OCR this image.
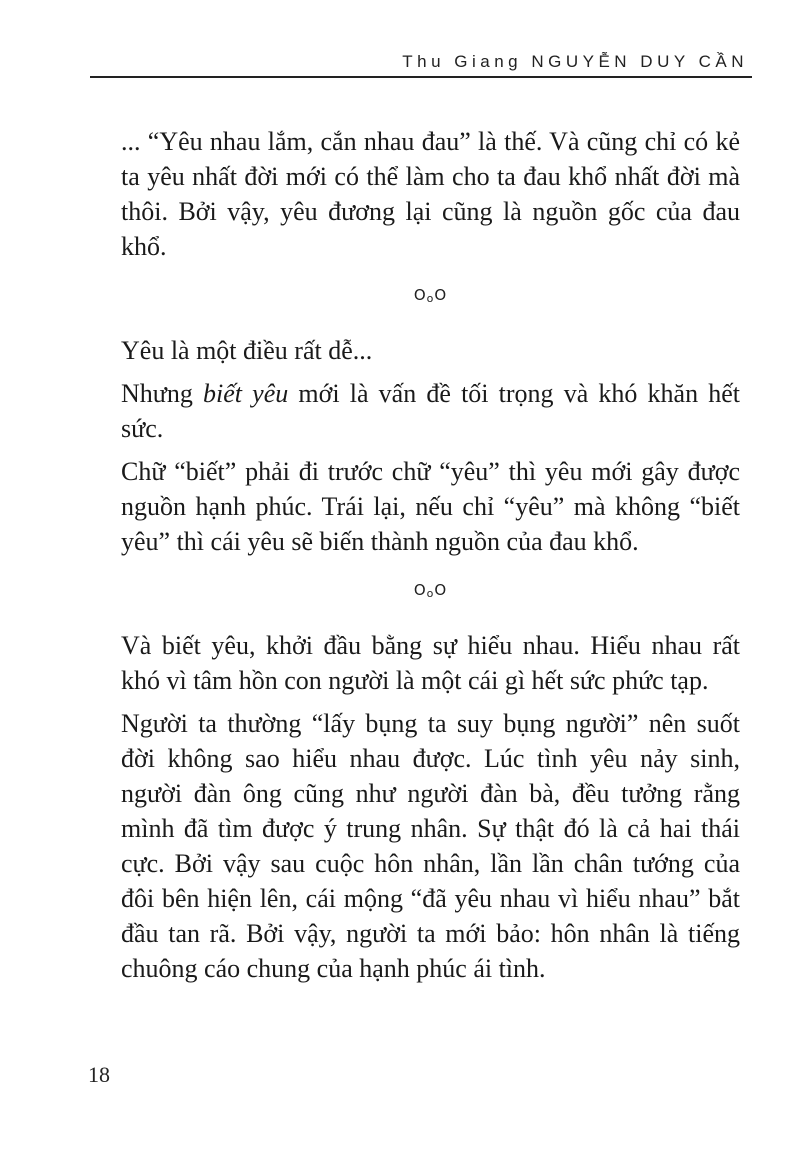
Thu Giang NGUYỄN DUY CẦN

... “Yêu nhau lắm, cắn nhau đau” là thế. Và cũng chỉ có kẻ ta yêu nhất đời mới có thể làm cho ta đau khổ nhất đời mà thôi. Bởi vậy, yêu đương lại cũng là nguồn gốc của đau khổ.

OoO

Yêu là một điều rất dễ...

Nhưng biết yêu mới là vấn đề tối trọng và khó khăn hết sức.

Chữ “biết” phải đi trước chữ “yêu” thì yêu mới gây được nguồn hạnh phúc. Trái lại, nếu chỉ “yêu” mà không “biết yêu” thì cái yêu sẽ biến thành nguồn của đau khổ.

OoO

Và biết yêu, khởi đầu bằng sự hiểu nhau. Hiểu nhau rất khó vì tâm hồn con người là một cái gì hết sức phức tạp.

Người ta thường “lấy bụng ta suy bụng người” nên suốt đời không sao hiểu nhau được. Lúc tình yêu nảy sinh, người đàn ông cũng như người đàn bà, đều tưởng rằng mình đã tìm được ý trung nhân. Sự thật đó là cả hai thái cực. Bởi vậy sau cuộc hôn nhân, lần lần chân tướng của đôi bên hiện lên, cái mộng “đã yêu nhau vì hiểu nhau” bắt đầu tan rã. Bởi vậy, người ta mới bảo: hôn nhân là tiếng chuông cáo chung của hạnh phúc ái tình.

18
